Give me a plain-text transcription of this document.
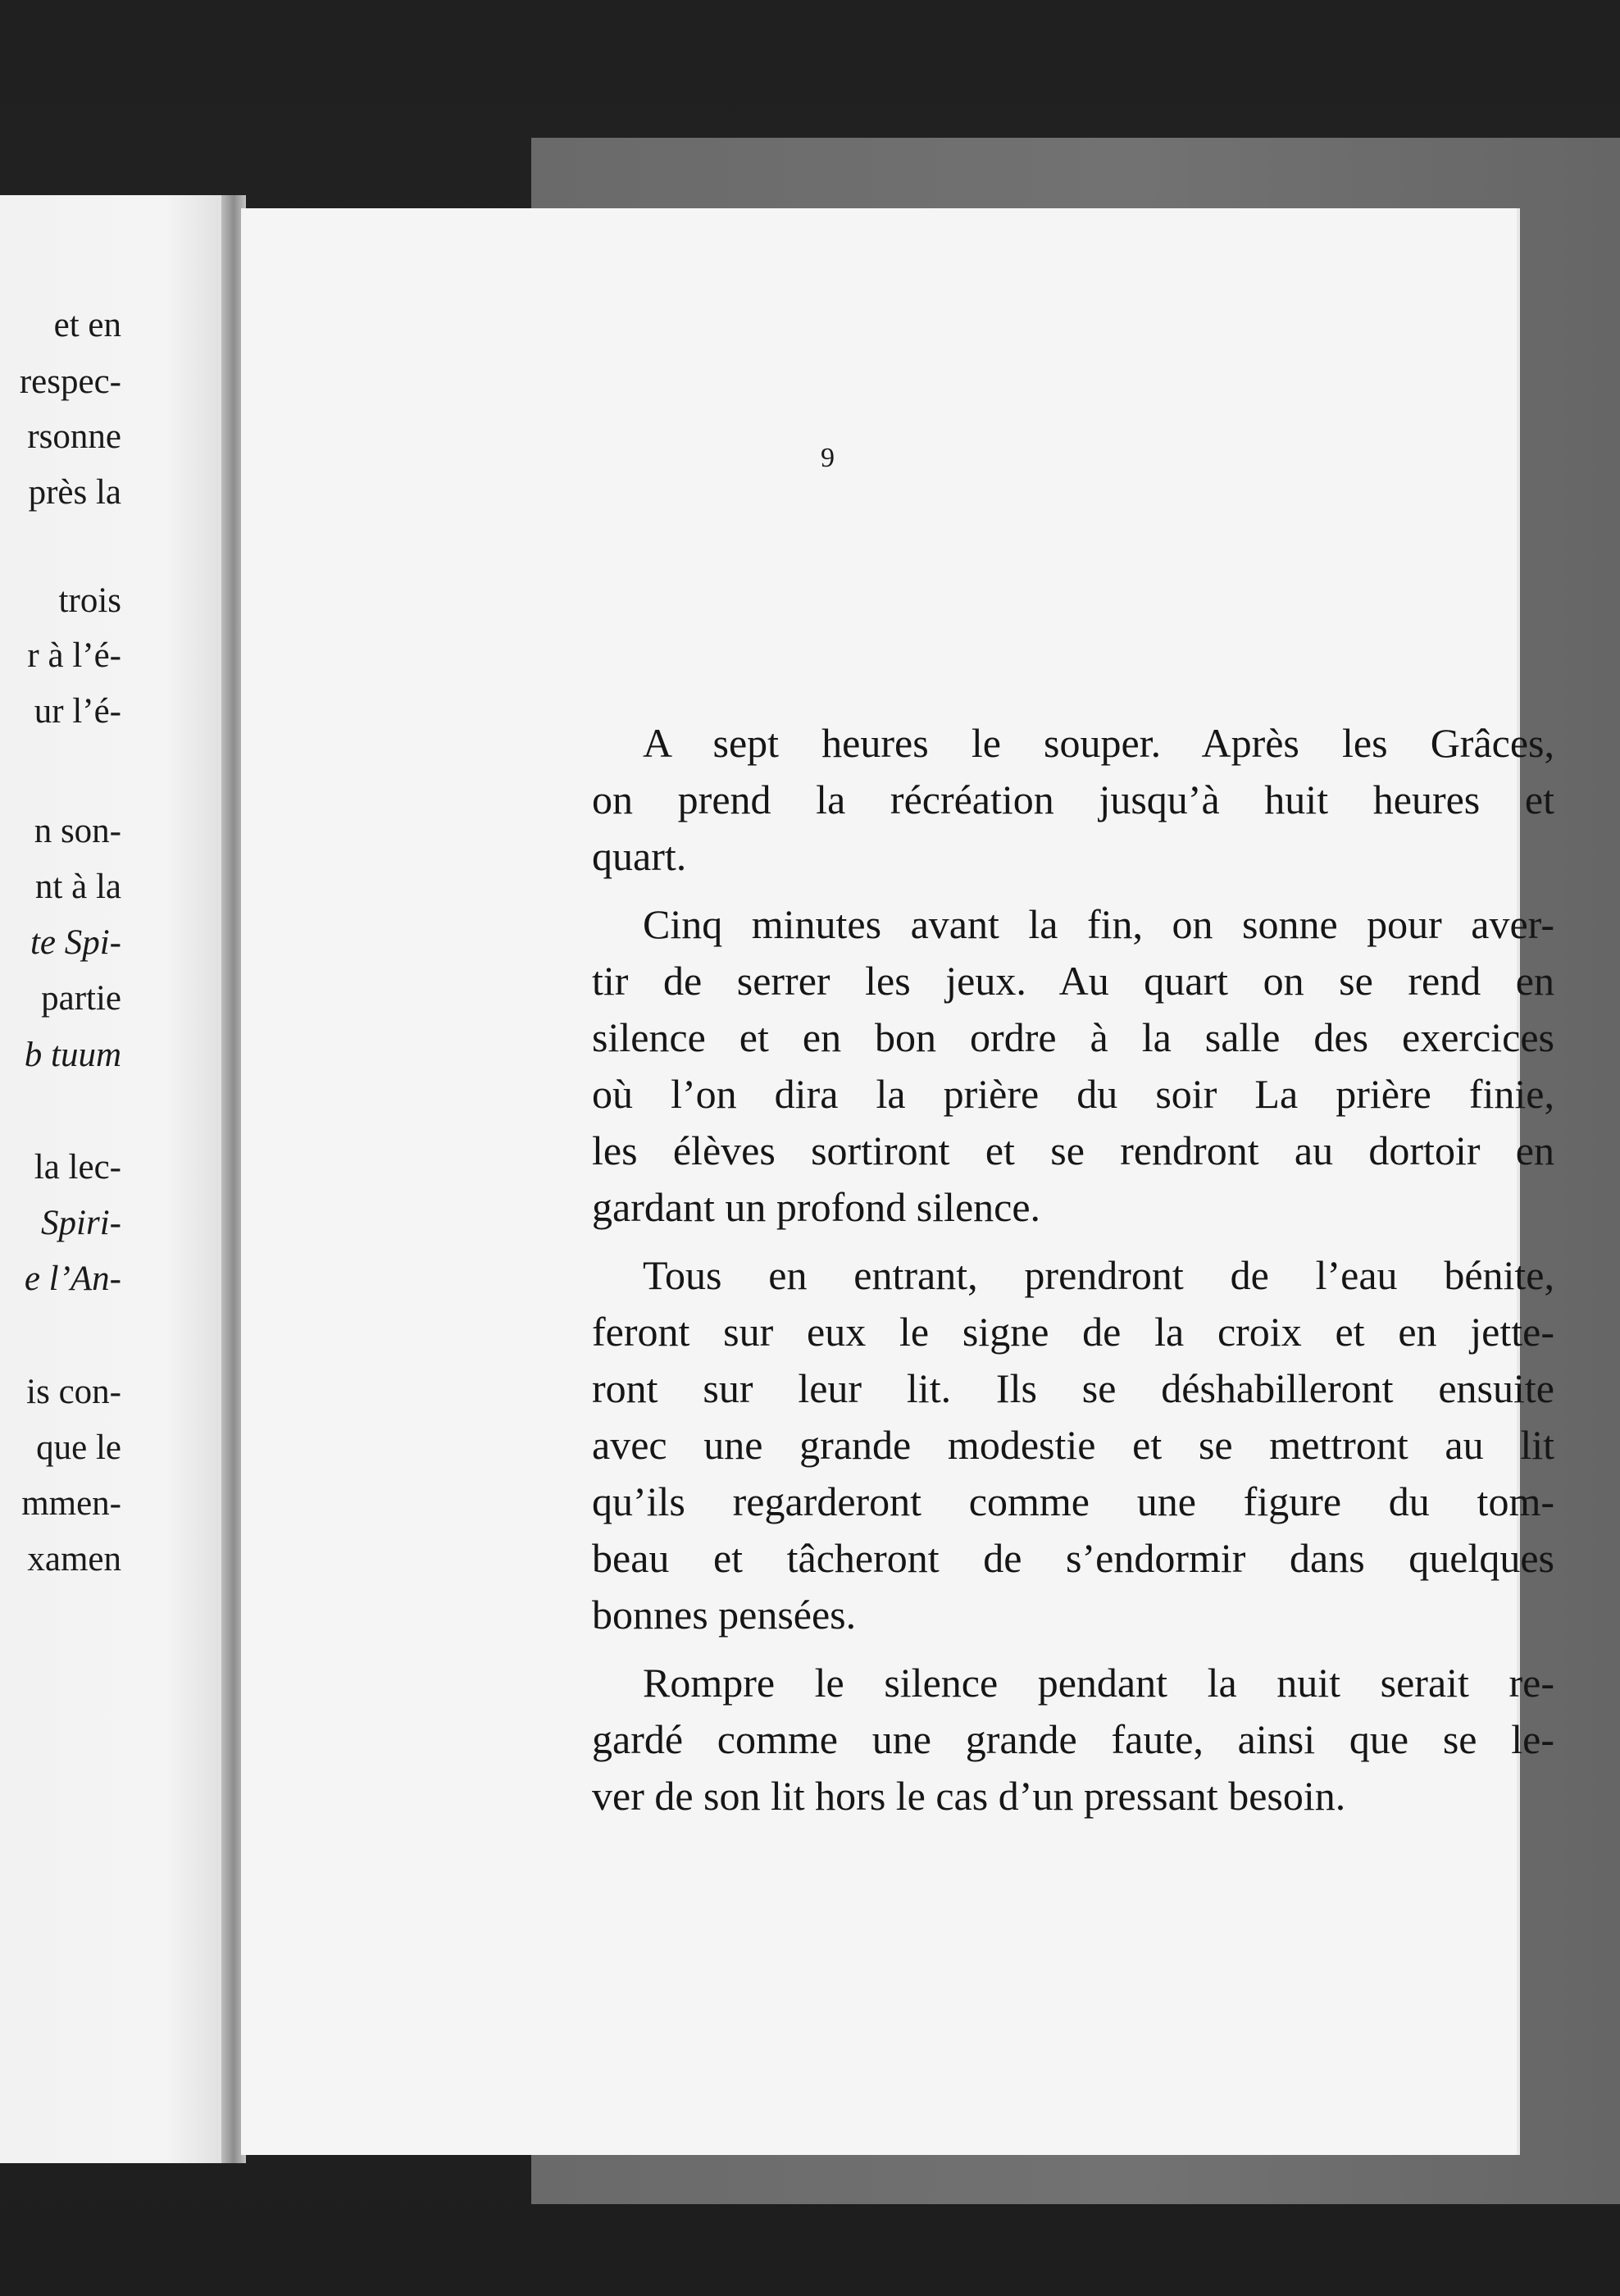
et en
respec-
rsonne
près la
trois
r à l’é-
ur l’é-
n son-
nt à la
te Spi-
partie
b tuum
la lec-
Spiri-
e l’An-
is con-
que le
mmen-
xamen
9
A sept heures le souper. Après les Grâces,
on prend la récréation jusqu’à huit heures et
quart.
Cinq minutes avant la fin, on sonne pour aver-
tir de serrer les jeux. Au quart on se rend en
silence et en bon ordre à la salle des exercices
où l’on dira la prière du soir La prière finie,
les élèves sortiront et se rendront au dortoir en
gardant un profond silence.
Tous en entrant, prendront de l’eau bénite,
feront sur eux le signe de la croix et en jette-
ront sur leur lit. Ils se déshabilleront ensuite
avec une grande modestie et se mettront au lit
qu’ils regarderont comme une figure du tom-
beau et tâcheront de s’endormir dans quelques
bonnes pensées.
Rompre le silence pendant la nuit serait re-
gardé comme une grande faute, ainsi que se le-
ver de son lit hors le cas d’un pressant besoin.
